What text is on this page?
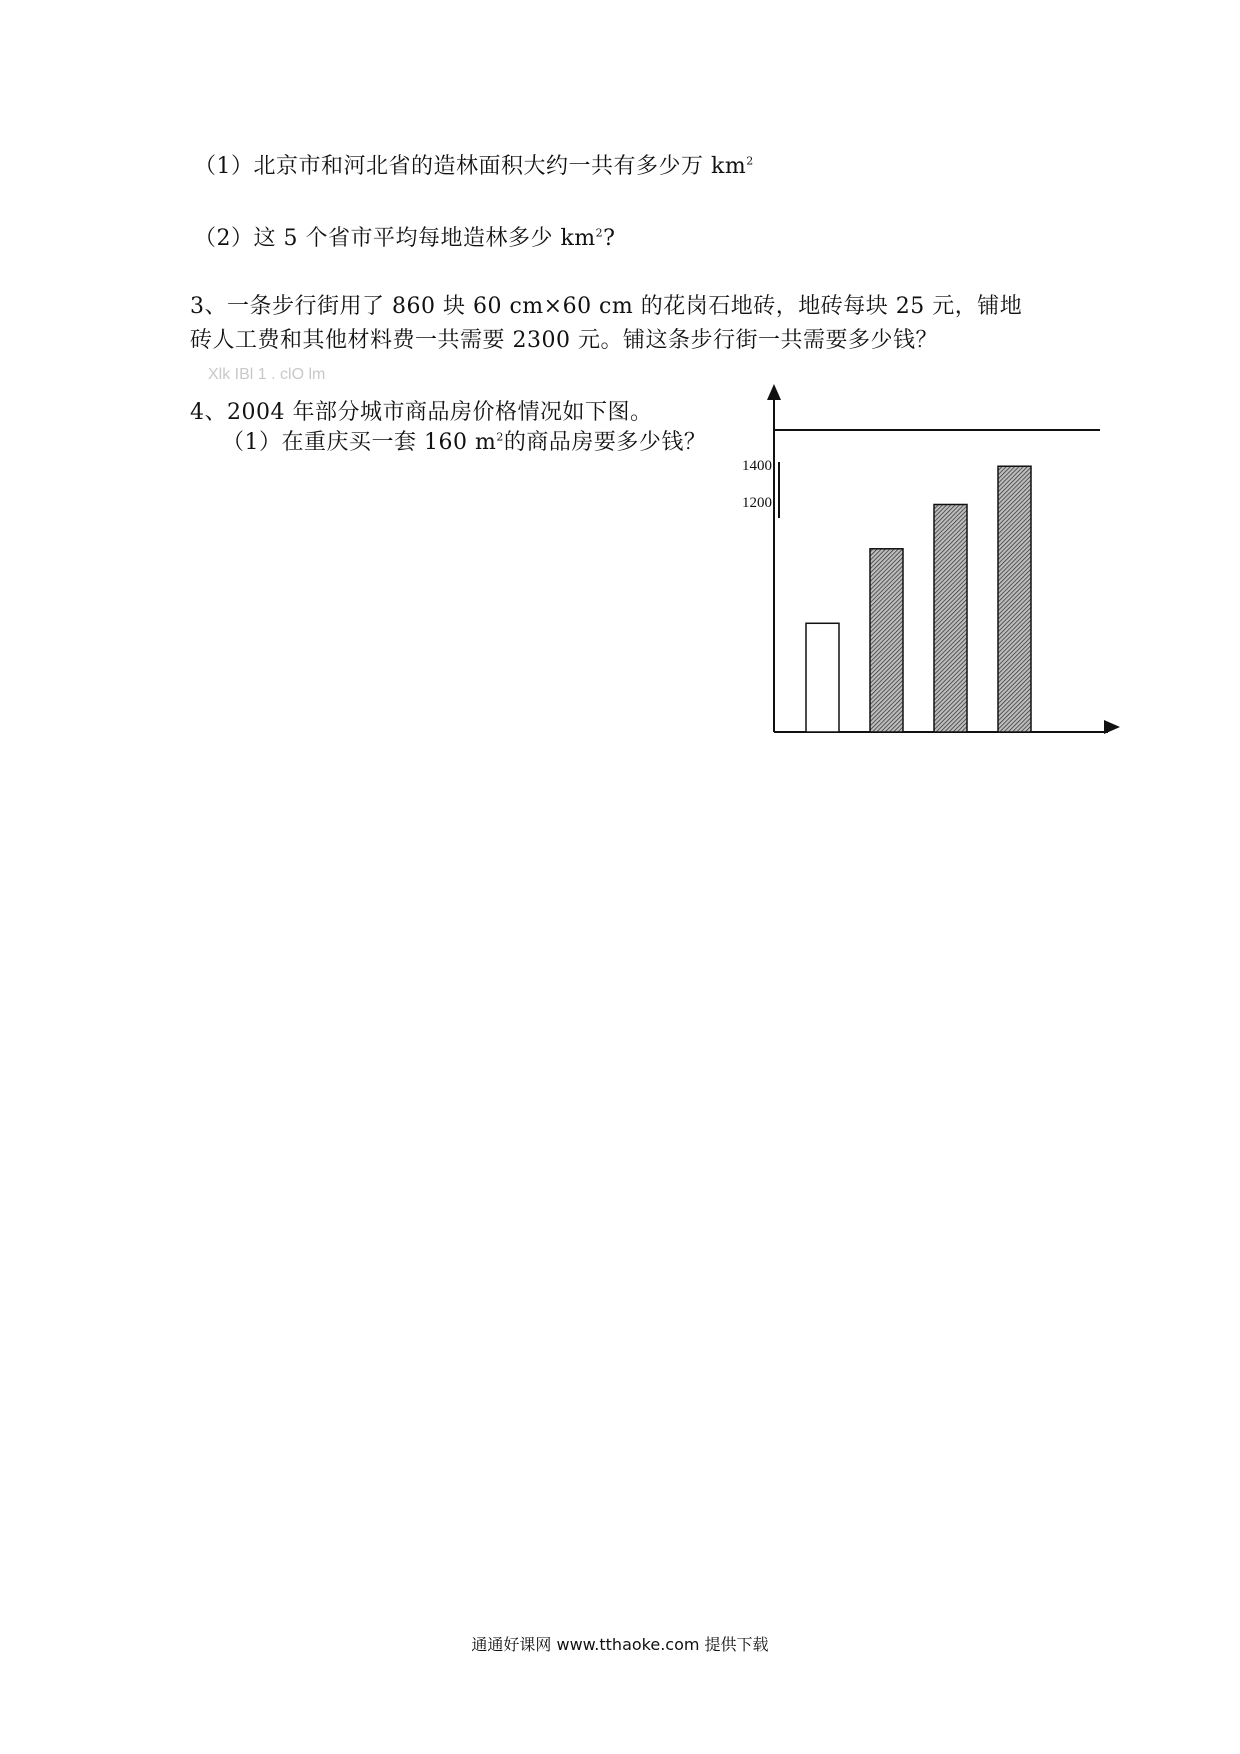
（1）北京市和河北省的造林面积大约一共有多少万 $km^2$
（2）这 5 个省市平均每地造林多少 $km^2$?
3、一条步行街用了 860 块 60 cm×60 cm 的花岗石地砖，地砖每块 25 元，铺地
砖人工费和其他材料费一共需要 2300 元。铺这条步行街一共需要多少钱？
Xlk IBl 1 . clO lm
4、2004 年部分城市商品房价格情况如下图。
（1）在重庆买一套 160 $m^2$的商品房要多少钱？
1400
1200
通通好课网 www.tthaoke.com 提供下载
